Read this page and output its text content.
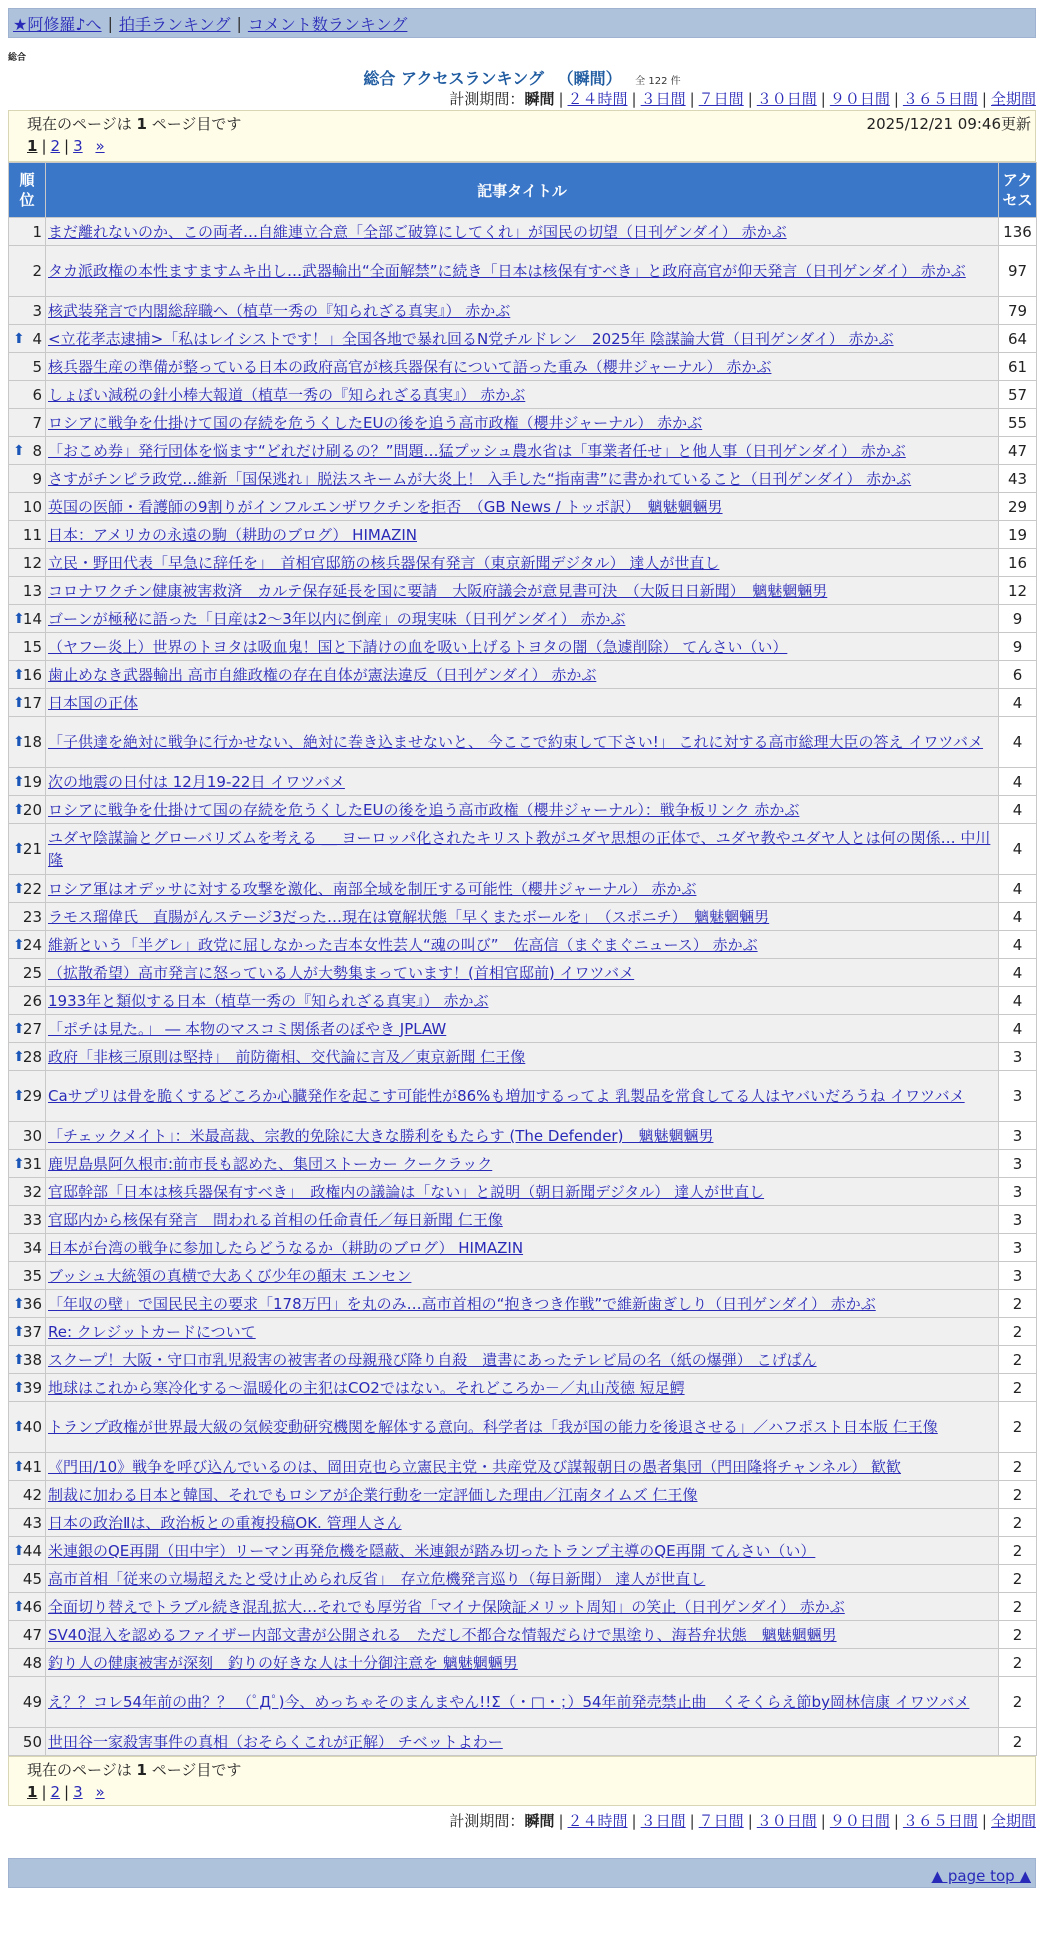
★阿修羅♪へ | 拍手ランキング | コメント数ランキング
総合
総合 アクセスランキング （瞬間） 全 122 件
計測期間：瞬間 | ２４時間 | ３日間 | ７日間 | ３０日間 | ９０日間 | ３６５日間 | 全期間
現在のページは 1 ページ目です	2025/12/21 09:46更新
1 | 2 | 3 »
順位	記事タイトル	アクセス
1	まだ離れないのか、この両者…自維連立合意「全部ご破算にしてくれ」が国民の切望（日刊ゲンダイ） 赤かぶ	136
2	タカ派政権の本性ますますムキ出し…武器輸出“全面解禁”に続き「日本は核保有すべき」と政府高官が仰天発言（日刊ゲンダイ） 赤かぶ	97
3	核武装発言で内閣総辞職へ（植草一秀の『知られざる真実』） 赤かぶ	79

⬆ 4	<立花孝志逮捕>「私はレイシストです！」全国各地で暴れ回るN党チルドレン　2025年 陰謀論大賞（日刊ゲンダイ） 赤かぶ	64
5	核兵器生産の準備が整っている日本の政府高官が核兵器保有について語った重み（櫻井ジャーナル） 赤かぶ	61
6	しょぼい減税の針小棒大報道（植草一秀の『知られざる真実』） 赤かぶ	57
7	ロシアに戦争を仕掛けて国の存続を危うくしたEUの後を追う高市政権（櫻井ジャーナル） 赤かぶ	55

⬆ 8	「おこめ券」発行団体を悩ます“どれだけ刷るの？”問題…猛プッシュ農水省は「事業者任せ」と他人事（日刊ゲンダイ） 赤かぶ	47
9	さすがチンピラ政党…維新「国保逃れ」脱法スキームが大炎上！ 入手した“指南書”に書かれていること（日刊ゲンダイ） 赤かぶ	43
10	英国の医師・看護師の9割りがインフルエンザワクチンを拒否　（GB News / トッポ訳）　魑魅魍魎男	29
11	日本：アメリカの永遠の駒（耕助のブログ） HIMAZIN	19
12	立民・野田代表「早急に辞任を」　首相官邸筋の核兵器保有発言（東京新聞デジタル） 達人が世直し	16
13	コロナワクチン健康被害救済　カルテ保存延長を国に要請　大阪府議会が意見書可決　（大阪日日新聞）　魑魅魍魎男	12

⬆
14	ゴーンが極秘に語った「日産は2～3年以内に倒産」の現実味（日刊ゲンダイ） 赤かぶ	9
15	（ヤフー炎上）世界のトヨタは吸血鬼！国と下請けの血を吸い上げるトヨタの闇（急遽削除） てんさい（い）	9

⬆
16	歯止めなき武器輸出 高市自維政権の存在自体が憲法違反（日刊ゲンダイ） 赤かぶ	6

⬆
17	日本国の正体	4

⬆
18	「子供達を絶対に戦争に行かせない、絶対に巻き込ませないと、 今ここで約束して下さい!」 これに対する高市総理大臣の答え イワツバメ	4

⬆
19	次の地震の日付は 12月19-22日 イワツバメ	4

⬆
20	ロシアに戦争を仕掛けて国の存続を危うくしたEUの後を追う高市政権（櫻井ジャーナル）：戦争板リンク 赤かぶ	4

⬆
21	ユダヤ陰謀論とグローバリズムを考える ＿ ヨーロッパ化されたキリスト教がユダヤ思想の正体で、ユダヤ教やユダヤ人とは何の関係… 中川隆	4

⬆
22	ロシア軍はオデッサに対する攻撃を激化、南部全域を制圧する可能性（櫻井ジャーナル） 赤かぶ	4
23	ラモス瑠偉氏　直腸がんステージ3だった…現在は寛解状態「早くまたボールを」　（スポニチ）　魑魅魍魎男	4

⬆
24	維新という「半グレ」政党に屈しなかった吉本女性芸人“魂の叫び”　佐高信（まぐまぐニュース） 赤かぶ	4
25	（拡散希望）高市発言に怒っている人が大勢集まっています！(首相官邸前) イワツバメ	4
26	1933年と類似する日本（植草一秀の『知られざる真実』） 赤かぶ	4

⬆
27	「ポチは見た。」 ― 本物のマスコミ関係者のぼやき JPLAW	4

⬆
28	政府「非核三原則は堅持」　前防衛相、交代論に言及／東京新聞 仁王像	3

⬆
29	Caサプリは骨を脆くするどころか心臓発作を起こす可能性が86%も増加するってよ 乳製品を常食してる人はヤバいだろうね イワツバメ	3
30	「チェックメイト」：米最高裁、宗教的免除に大きな勝利をもたらす (The Defender)　魑魅魍魎男	3

⬆
31	鹿児島県阿久根市:前市長も認めた、集団ストーカー クークラック	3
32	官邸幹部「日本は核兵器保有すべき」　政権内の議論は「ない」と説明（朝日新聞デジタル） 達人が世直し	3
33	官邸内から核保有発言　問われる首相の任命責任／毎日新聞 仁王像	3
34	日本が台湾の戦争に参加したらどうなるか（耕助のブログ） HIMAZIN	3
35	ブッシュ大統領の真横で大あくび少年の顛末 エンセン	3

⬆
36	「年収の壁」で国民民主の要求「178万円」を丸のみ…高市首相の“抱きつき作戦”で維新歯ぎしり（日刊ゲンダイ） 赤かぶ	2

⬆
37	Re: クレジットカードについて	2

⬆
38	スクープ！大阪・守口市乳児殺害の被害者の母親飛び降り自殺　遺書にあったテレビ局の名（紙の爆弾） こげぱん	2

⬆
39	地球はこれから寒冷化する～温暖化の主犯はCO2ではない。それどころか－／丸山茂徳 短足鰐	2

⬆
40	トランプ政権が世界最大級の気候変動研究機関を解体する意向。科学者は「我が国の能力を後退させる」／ハフポスト日本版 仁王像	2

⬆
41	《門田/10》戦争を呼び込んでいるのは、岡田克也ら立憲民主党・共産党及び謀報朝日の愚者集団（門田隆将チャンネル） 歓歓	2
42	制裁に加わる日本と韓国、それでもロシアが企業行動を一定評価した理由／江南タイムズ 仁王像	2
43	日本の政治Ⅱは、政治板との重複投稿OK. 管理人さん	2

⬆
44	米連銀のQE再開（田中宇）リーマン再発危機を隠蔽、米連銀が踏み切ったトランプ主導のQE再開 てんさい（い）	2
45	高市首相「従来の立場超えたと受け止められ反省」　存立危機発言巡り（毎日新聞） 達人が世直し	2

⬆
46	全面切り替えでトラブル続き混乱拡大…それでも厚労省「マイナ保険証メリット周知」の笑止（日刊ゲンダイ） 赤かぶ	2
47	SV40混入を認めるファイザー内部文書が公開される　ただし不都合な情報だらけで黒塗り、海苔弁状態　魑魅魍魎男	2
48	釣り人の健康被害が深刻　釣りの好きな人は十分御注意を 魑魅魍魎男	2
49	え？？コレ54年前の曲？？ （ﾟДﾟ)今、めっちゃそのまんまやん!!Σ（・□・；）54年前発売禁止曲　くそくらえ節by岡林信康 イワツバメ	2
50	世田谷一家殺害事件の真相（おそらくこれが正解） チベットよわー	2
現在のページは 1 ページ目です
1 | 2 | 3 »
計測期間：瞬間 | ２４時間 | ３日間 | ７日間 | ３０日間 | ９０日間 | ３６５日間 | 全期間
▲ page top ▲
